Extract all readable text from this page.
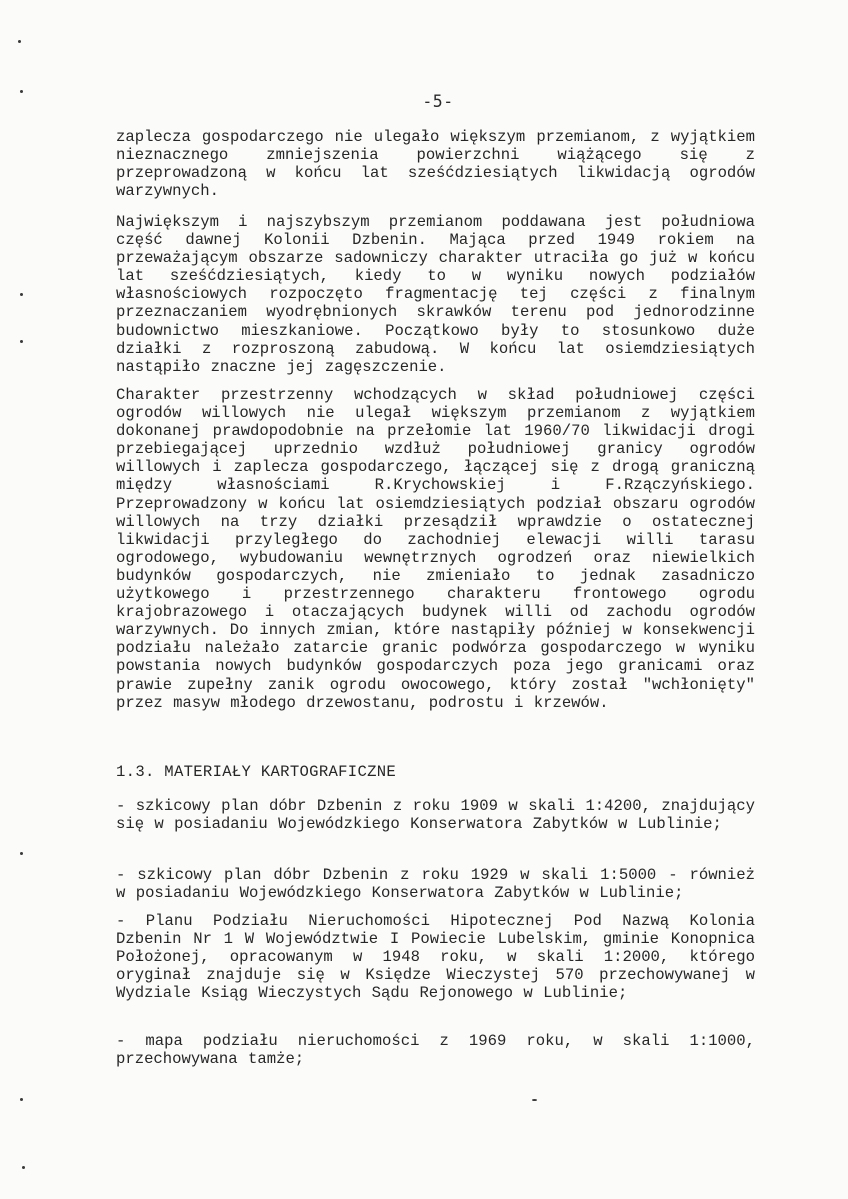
-5-

zaplecza gospodarczego nie ulegało większym przemianom, z wyjątkiem nieznacznego zmniejszenia powierzchni wiążącego się z przeprowadzoną w końcu lat sześćdziesiątych likwidacją ogrodów warzywnych.

Największym i najszybszym przemianom poddawana jest południowa część dawnej Kolonii Dzbenin. Mająca przed 1949 rokiem na przeważającym obszarze sadowniczy charakter utraciła go już w końcu lat sześćdziesiątych, kiedy to w wyniku nowych podziałów własnościowych rozpoczęto fragmentację tej części z finalnym przeznaczaniem wyodrębnionych skrawków terenu pod jednorodzinne budownictwo mieszkaniowe. Początkowo były to stosunkowo duże działki z rozproszoną zabudową. W końcu lat osiemdziesiątych nastąpiło znaczne jej zagęszczenie.

Charakter przestrzenny wchodzących w skład południowej części ogrodów willowych nie ulegał większym przemianom z wyjątkiem dokonanej prawdopodobnie na przełomie lat 1960/70 likwidacji drogi przebiegającej uprzednio wzdłuż południowej granicy ogrodów willowych i zaplecza gospodarczego, łączącej się z drogą graniczną między własnościami R.Krychowskiej i F.Rzączyńskiego. Przeprowadzony w końcu lat osiemdziesiątych podział obszaru ogrodów willowych na trzy działki przesądził wprawdzie o ostatecznej likwidacji przyległego do zachodniej elewacji willi tarasu ogrodowego, wybudowaniu wewnętrznych ogrodzeń oraz niewielkich budynków gospodarczych, nie zmieniało to jednak zasadniczo użytkowego i przestrzennego charakteru frontowego ogrodu krajobrazowego i otaczających budynek willi od zachodu ogrodów warzywnych. Do innych zmian, które nastąpiły później w konsekwencji podziału należało zatarcie granic podwórza gospodarczego w wyniku powstania nowych budynków gospodarczych poza jego granicami oraz prawie zupełny zanik ogrodu owocowego, który został "wchłonięty" przez masyw młodego drzewostanu, podrostu i krzewów.

1.3. MATERIAŁY KARTOGRAFICZNE

- szkicowy plan dóbr Dzbenin z roku 1909 w skali 1:4200, znajdujący się w posiadaniu Wojewódzkiego Konserwatora Zabytków w Lublinie;

- szkicowy plan dóbr Dzbenin z roku 1929 w skali 1:5000 - również w posiadaniu Wojewódzkiego Konserwatora Zabytków w Lublinie;

- Planu Podziału Nieruchomości Hipotecznej Pod Nazwą Kolonia Dzbenin Nr 1 W Województwie I Powiecie Lubelskim, gminie Konopnica Położonej, opracowanym w 1948 roku, w skali 1:2000, którego oryginał znajduje się w Księdze Wieczystej 570 przechowywanej w Wydziale Ksiąg Wieczystych Sądu Rejonowego w Lublinie;

- mapa podziału nieruchomości z 1969 roku, w skali 1:1000, przechowywana tamże;
